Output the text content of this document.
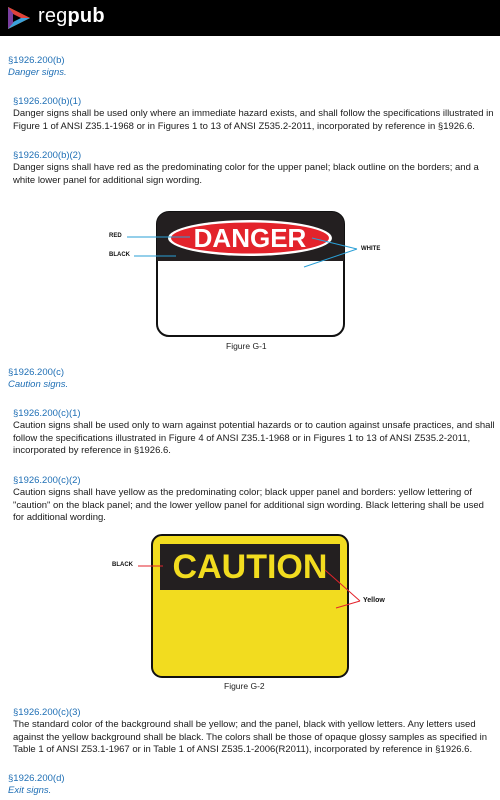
regpub
§1926.200(b)
Danger signs.
§1926.200(b)(1)

Danger signs shall be used only where an immediate hazard exists, and shall follow the specifications illustrated in Figure 1 of ANSI Z35.1-1968 or in Figures 1 to 13 of ANSI Z535.2-2011, incorporated by reference in §1926.6.

§1926.200(b)(2)

Danger signs shall have red as the predominating color for the upper panel; black outline on the borders; and a white lower panel for additional sign wording.

DANGER
RED
BLACK
WHITE
Figure G-1
§1926.200(c)
Caution signs.
§1926.200(c)(1)

Caution signs shall be used only to warn against potential hazards or to caution against unsafe practices, and shall follow the specifications illustrated in Figure 4 of ANSI Z35.1-1968 or in Figures 1 to 13 of ANSI Z535.2-2011, incorporated by reference in §1926.6.

§1926.200(c)(2)

Caution signs shall have yellow as the predominating color; black upper panel and borders: yellow lettering of "caution" on the black panel; and the lower yellow panel for additional sign wording. Black lettering shall be used for additional wording.

CAUTION
BLACK
Yellow
Figure G-2
§1926.200(c)(3)

The standard color of the background shall be yellow; and the panel, black with yellow letters. Any letters used against the yellow background shall be black. The colors shall be those of opaque glossy samples as specified in Table 1 of ANSI Z53.1-1967 or in Table 1 of ANSI Z535.1-2006(R2011), incorporated by reference in §1926.6.

§1926.200(d)
Exit signs.
